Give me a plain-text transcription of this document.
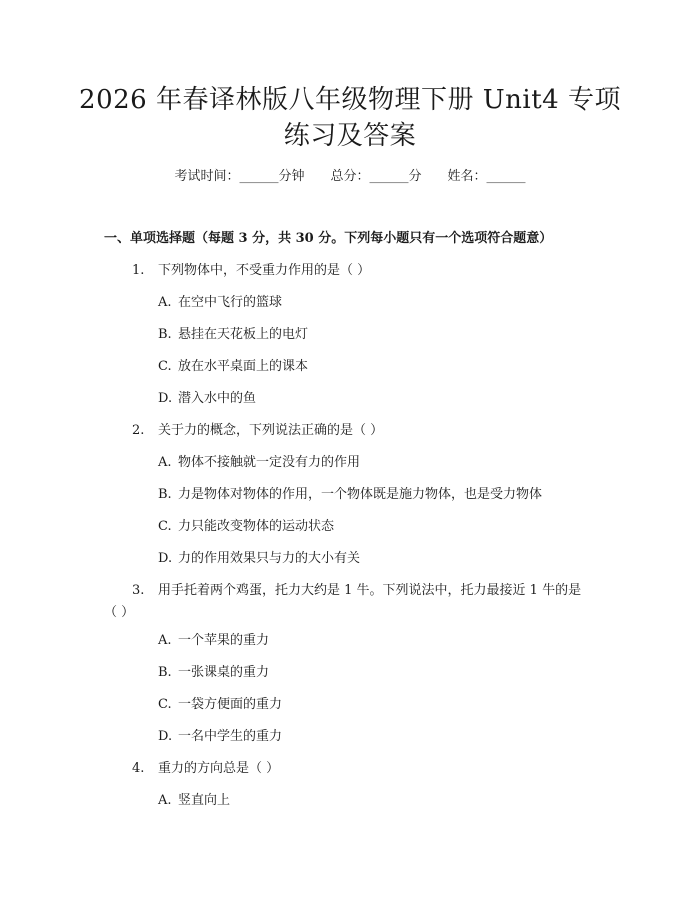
2026 年春译林版八年级物理下册 Unit4 专项
练习及答案
考试时间：______分钟 总分：______分 姓名：______
一、单项选择题（每题 3 分，共 30 分。下列每小题只有一个选项符合题意）
1. 下列物体中，不受重力作用的是（ ）
A. 在空中飞行的篮球
B. 悬挂在天花板上的电灯
C. 放在水平桌面上的课本
D. 潜入水中的鱼
2. 关于力的概念，下列说法正确的是（ ）
A. 物体不接触就一定没有力的作用
B. 力是物体对物体的作用，一个物体既是施力物体，也是受力物体
C. 力只能改变物体的运动状态
D. 力的作用效果只与力的大小有关
3. 用手托着两个鸡蛋，托力大约是 1 牛。下列说法中，托力最接近 1 牛的是
（ ）
A. 一个苹果的重力
B. 一张课桌的重力
C. 一袋方便面的重力
D. 一名中学生的重力
4. 重力的方向总是（ ）
A. 竖直向上
